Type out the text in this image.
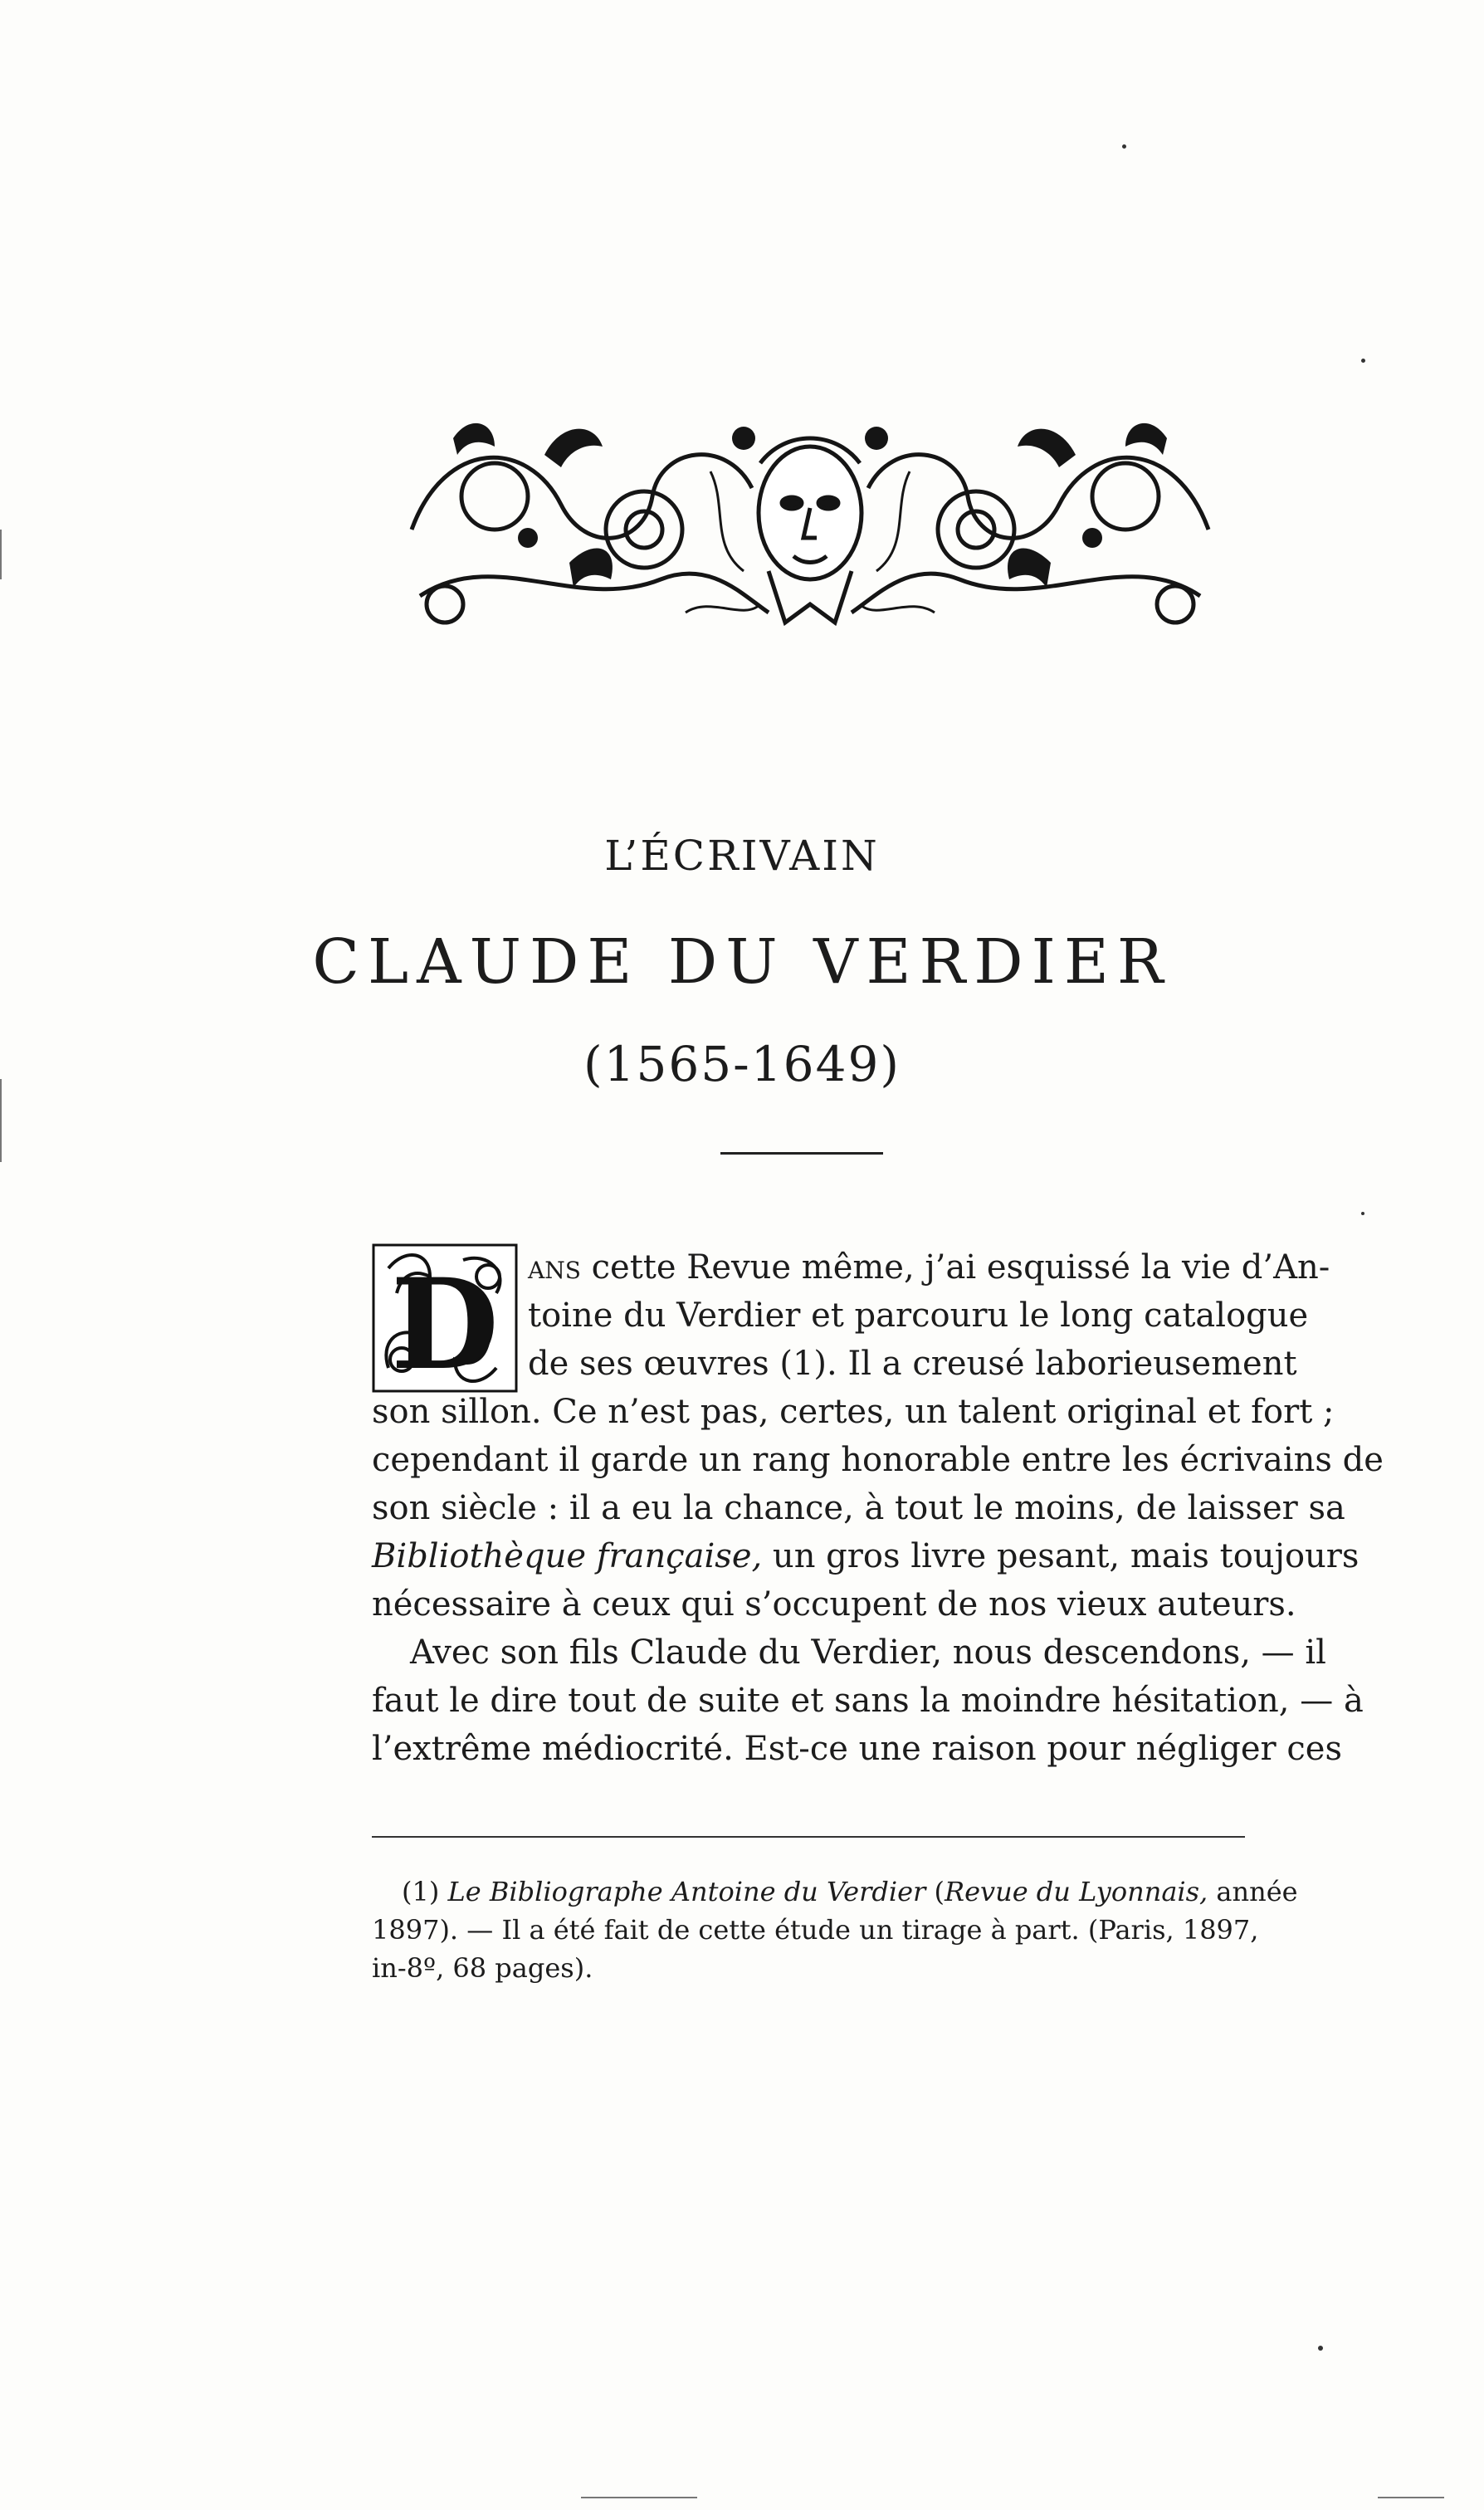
L’ÉCRIVAIN
CLAUDE DU VERDIER
(1565-1649)
D ans cette Revue même, j’ai esquissé la vie d’An-
toine du Verdier et parcouru le long catalogue
de ses œuvres (1). Il a creusé laborieusement
son sillon. Ce n’est pas, certes, un talent original et fort ;
cependant il garde un rang honorable entre les écrivains de
son siècle : il a eu la chance, à tout le moins, de laisser sa
Bibliothèque française, un gros livre pesant, mais toujours
nécessaire à ceux qui s’occupent de nos vieux auteurs.
Avec son fils Claude du Verdier, nous descendons, — il
faut le dire tout de suite et sans la moindre hésitation, — à
l’extrême médiocrité. Est-ce une raison pour négliger ces
(1) Le Bibliographe Antoine du Verdier (Revue du Lyonnais, année
1897). — Il a été fait de cette étude un tirage à part. (Paris, 1897,
in-8º, 68 pages).
